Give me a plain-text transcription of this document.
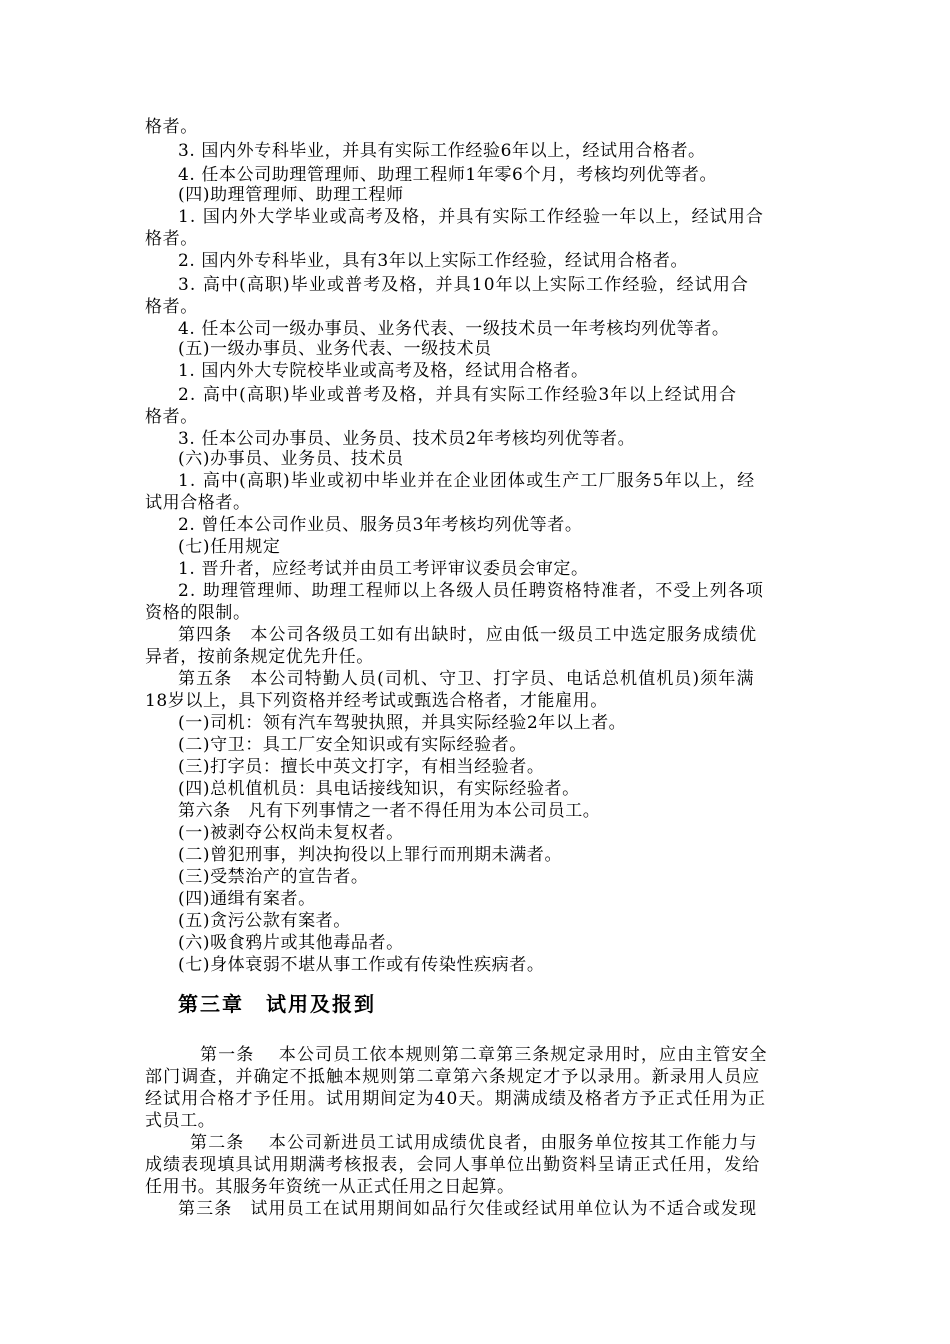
格者。
3. 国内外专科毕业，并具有实际工作经验6年以上，经试用合格者。
4. 任本公司助理管理师、助理工程师1年零6个月，考核均列优等者。
(四)助理管理师、助理工程师
1. 国内外大学毕业或高考及格，并具有实际工作经验一年以上，经试用合
格者。
2. 国内外专科毕业，具有3年以上实际工作经验，经试用合格者。
3. 高中(高职)毕业或普考及格，并具10年以上实际工作经验，经试用合
格者。
4. 任本公司一级办事员、业务代表、一级技术员一年考核均列优等者。
(五)一级办事员、业务代表、一级技术员
1. 国内外大专院校毕业或高考及格，经试用合格者。
2. 高中(高职)毕业或普考及格，并具有实际工作经验3年以上经试用合
格者。
3. 任本公司办事员、业务员、技术员2年考核均列优等者。
(六)办事员、业务员、技术员
1. 高中(高职)毕业或初中毕业并在企业团体或生产工厂服务5年以上，经
试用合格者。
2. 曾任本公司作业员、服务员3年考核均列优等者。
(七)任用规定
1. 晋升者，应经考试并由员工考评审议委员会审定。
2. 助理管理师、助理工程师以上各级人员任聘资格特准者，不受上列各项
资格的限制。
第四条　本公司各级员工如有出缺时，应由低一级员工中选定服务成绩优
异者，按前条规定优先升任。
第五条　本公司特勤人员(司机、守卫、打字员、电话总机值机员)须年满
18岁以上，具下列资格并经考试或甄选合格者，才能雇用。
(一)司机：领有汽车驾驶执照，并具实际经验2年以上者。
(二)守卫：具工厂安全知识或有实际经验者。
(三)打字员：擅长中英文打字，有相当经验者。
(四)总机值机员：具电话接线知识，有实际经验者。
第六条　凡有下列事情之一者不得任用为本公司员工。
(一)被剥夺公权尚未复权者。
(二)曾犯刑事，判决拘役以上罪行而刑期未满者。
(三)受禁治产的宣告者。
(四)通缉有案者。
(五)贪污公款有案者。
(六)吸食鸦片或其他毒品者。
(七)身体衰弱不堪从事工作或有传染性疾病者。
第三章　试用及报到
第一条　 本公司员工依本规则第二章第三条规定录用时，应由主管安全
部门调查，并确定不抵触本规则第二章第六条规定才予以录用。新录用人员应
经试用合格才予任用。试用期间定为40天。期满成绩及格者方予正式任用为正
式员工。
第二条　 本公司新进员工试用成绩优良者，由服务单位按其工作能力与
成绩表现填具试用期满考核报表，会同人事单位出勤资料呈请正式任用，发给
任用书。其服务年资统一从正式任用之日起算。
第三条　试用员工在试用期间如品行欠佳或经试用单位认为不适合或发现
